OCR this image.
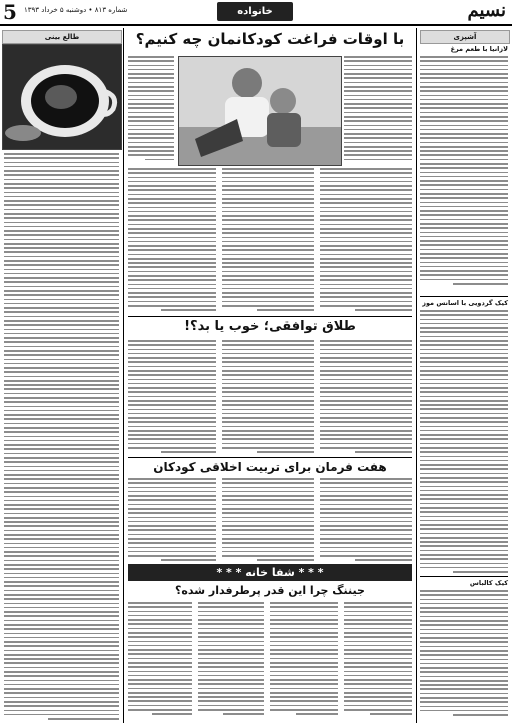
5 شماره ۸۱۳ • دوشنبه ۵ خرداد ۱۳۹۳	خانواده	نسیم
طالع بینی	با اوقات فراغت کودکانمان چه کنیم؟
طلاق توافقی؛ خوب یا بد؟!
هفت فرمان برای تربیت اخلاقی کودکان
* * * شفا خانه * * *
جیننگ چرا این قدر پرطرفدار شده؟
آشپزی
لازانیا با طعم مرغ
کیک گردویی با اسانس موز
کیک کالباس
